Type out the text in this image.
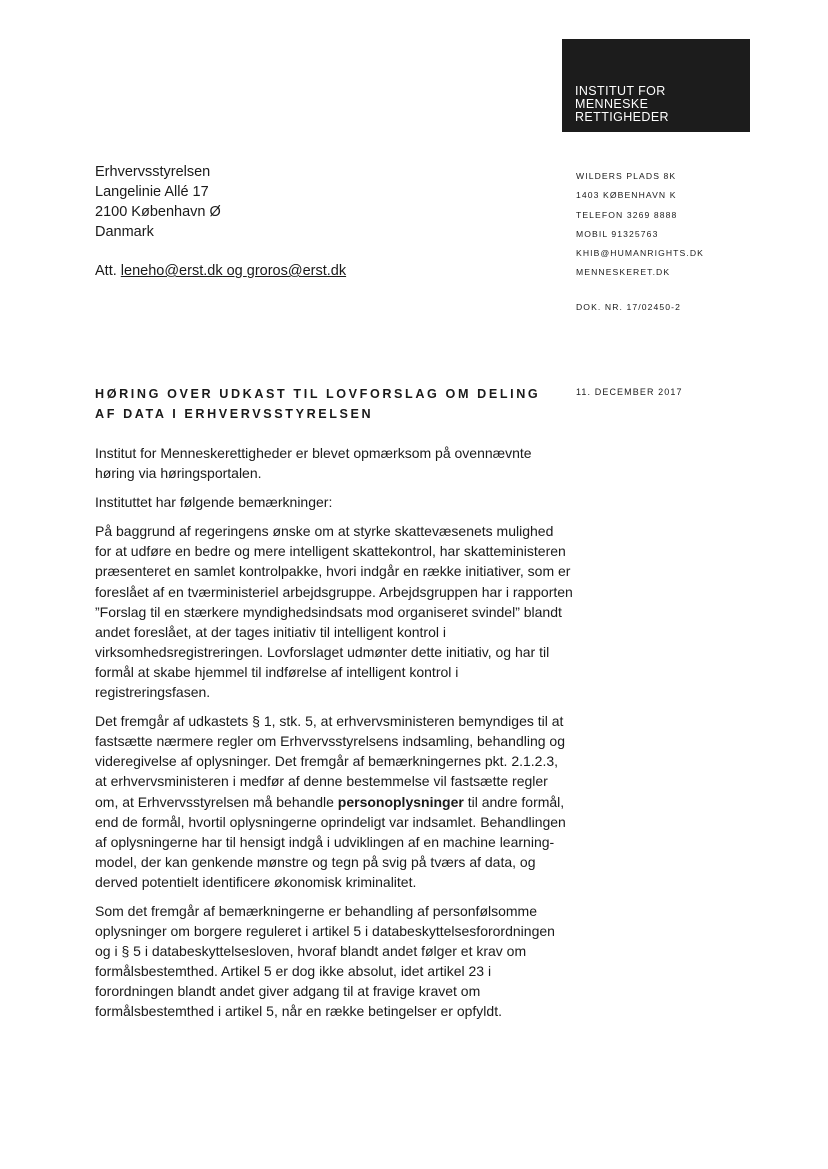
INSTITUT FOR
MENNESKE
RETTIGHEDER
Erhvervsstyrelsen
Langelinie Allé 17
2100 København Ø
Danmark
Att. leneho@erst.dk og groros@erst.dk
WILDERS PLADS 8K
1403 KØBENHAVN K
TELEFON 3269 8888
MOBIL 91325763
KHIB@HUMANRIGHTS.DK
MENNESKERET.DK
DOK. NR. 17/02450-2
11. DECEMBER 2017
HØRING OVER UDKAST TIL LOVFORSLAG OM DELING AF DATA I ERHVERVSSTYRELSEN

Institut for Menneskerettigheder er blevet opmærksom på ovennævnte høring via høringsportalen.

Instituttet har følgende bemærkninger:

På baggrund af regeringens ønske om at styrke skattevæsenets mulighed for at udføre en bedre og mere intelligent skattekontrol, har skatteministeren præsenteret en samlet kontrolpakke, hvori indgår en række initiativer, som er foreslået af en tværministeriel arbejdsgruppe. Arbejdsgruppen har i rapporten ”Forslag til en stærkere myndighedsindsats mod organiseret svindel” blandt andet foreslået, at der tages initiativ til intelligent kontrol i virksomhedsregistreringen. Lovforslaget udmønter dette initiativ, og har til formål at skabe hjemmel til indførelse af intelligent kontrol i registreringsfasen.

Det fremgår af udkastets § 1, stk. 5, at erhvervsministeren bemyndiges til at fastsætte nærmere regler om Erhvervsstyrelsens indsamling, behandling og videregivelse af oplysninger. Det fremgår af bemærkningernes pkt. 2.1.2.3, at erhvervsministeren i medfør af denne bestemmelse vil fastsætte regler om, at Erhvervsstyrelsen må behandle personoplysninger til andre formål, end de formål, hvortil oplysningerne oprindeligt var indsamlet. Behandlingen af oplysningerne har til hensigt indgå i udviklingen af en machine learning-model, der kan genkende mønstre og tegn på svig på tværs af data, og derved potentielt identificere økonomisk kriminalitet.

Som det fremgår af bemærkningerne er behandling af personfølsomme oplysninger om borgere reguleret i artikel 5 i databeskyttelsesforordningen og i § 5 i databeskyttelsesloven, hvoraf blandt andet følger et krav om formålsbestemthed. Artikel 5 er dog ikke absolut, idet artikel 23 i forordningen blandt andet giver adgang til at fravige kravet om formålsbestemthed i artikel 5, når en række betingelser er opfyldt.
